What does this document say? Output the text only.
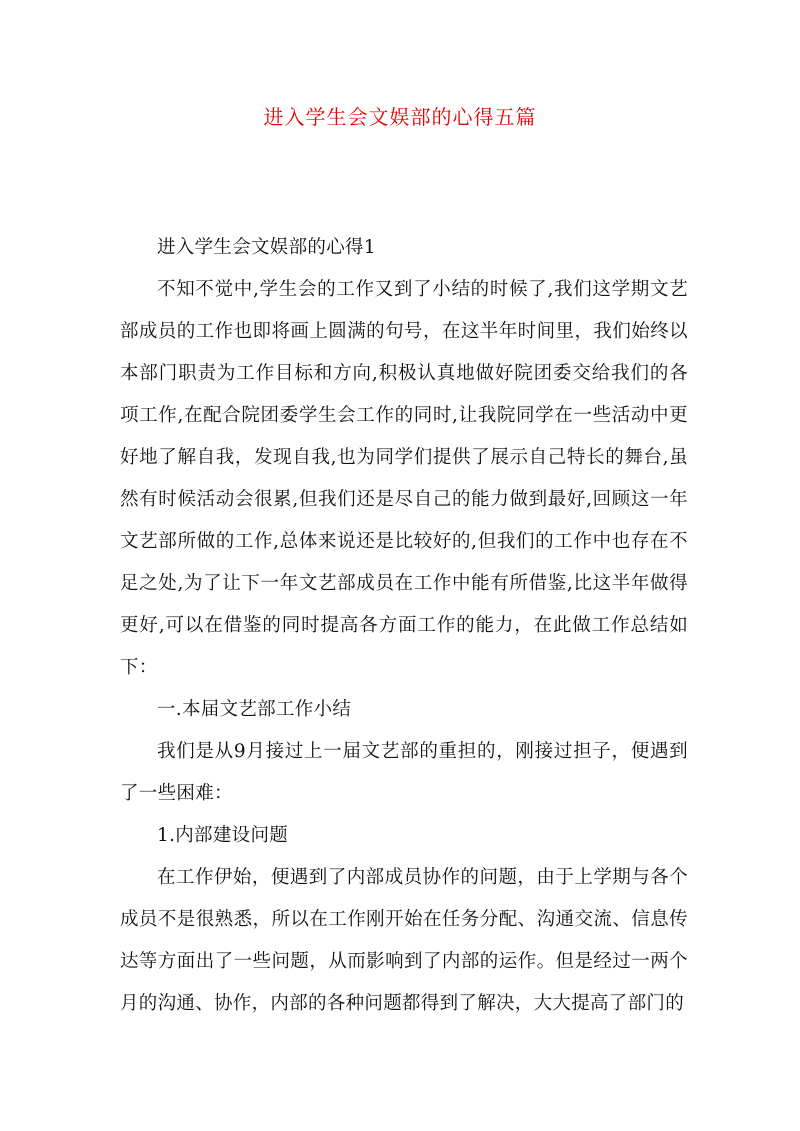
进入学生会文娱部的心得五篇

进入学生会文娱部的心得1

不知不觉中,学生会的工作又到了小结的时候了,我们这学期文艺部成员的工作也即将画上圆满的句号，在这半年时间里，我们始终以本部门职责为工作目标和方向,积极认真地做好院团委交给我们的各项工作,在配合院团委学生会工作的同时,让我院同学在一些活动中更好地了解自我，发现自我,也为同学们提供了展示自己特长的舞台,虽然有时候活动会很累,但我们还是尽自己的能力做到最好,回顾这一年文艺部所做的工作,总体来说还是比较好的,但我们的工作中也存在不足之处,为了让下一年文艺部成员在工作中能有所借鉴,比这半年做得更好,可以在借鉴的同时提高各方面工作的能力，在此做工作总结如下：

一.本届文艺部工作小结

我们是从9月接过上一届文艺部的重担的，刚接过担子，便遇到了一些困难：

1.内部建设问题

在工作伊始，便遇到了内部成员协作的问题，由于上学期与各个成员不是很熟悉，所以在工作刚开始在任务分配、沟通交流、信息传达等方面出了一些问题，从而影响到了内部的运作。但是经过一两个月的沟通、协作，内部的各种问题都得到了解决，大大提高了部门的
